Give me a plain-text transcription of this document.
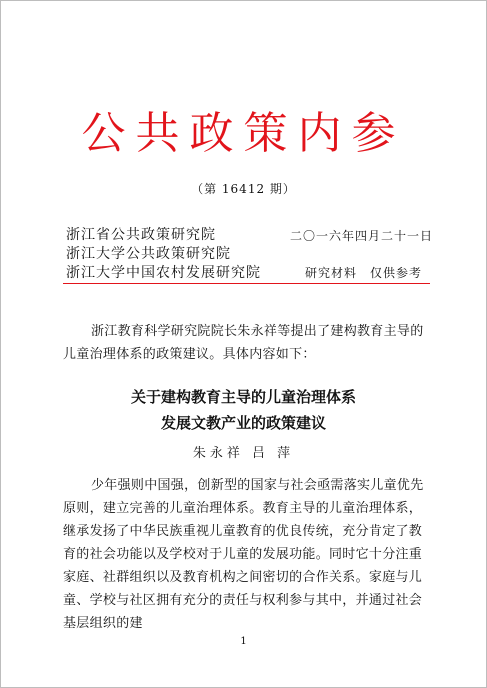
公共政策内参
（第 16412 期）
浙江省公共政策研究院
浙江大学公共政策研究院
浙江大学中国农村发展研究院
二〇一六年四月二十一日
研究材料　仅供参考
浙江教育科学研究院院长朱永祥等提出了建构教育主导的儿童治理体系的政策建议。具体内容如下：
关于建构教育主导的儿童治理体系
发展文教产业的政策建议
朱永祥 吕 萍
少年强则中国强，创新型的国家与社会亟需落实儿童优先原则，建立完善的儿童治理体系。教育主导的儿童治理体系，继承发扬了中华民族重视儿童教育的优良传统，充分肯定了教育的社会功能以及学校对于儿童的发展功能。同时它十分注重家庭、社群组织以及教育机构之间密切的合作关系。家庭与儿童、学校与社区拥有充分的责任与权利参与其中，并通过社会基层组织的建
1
